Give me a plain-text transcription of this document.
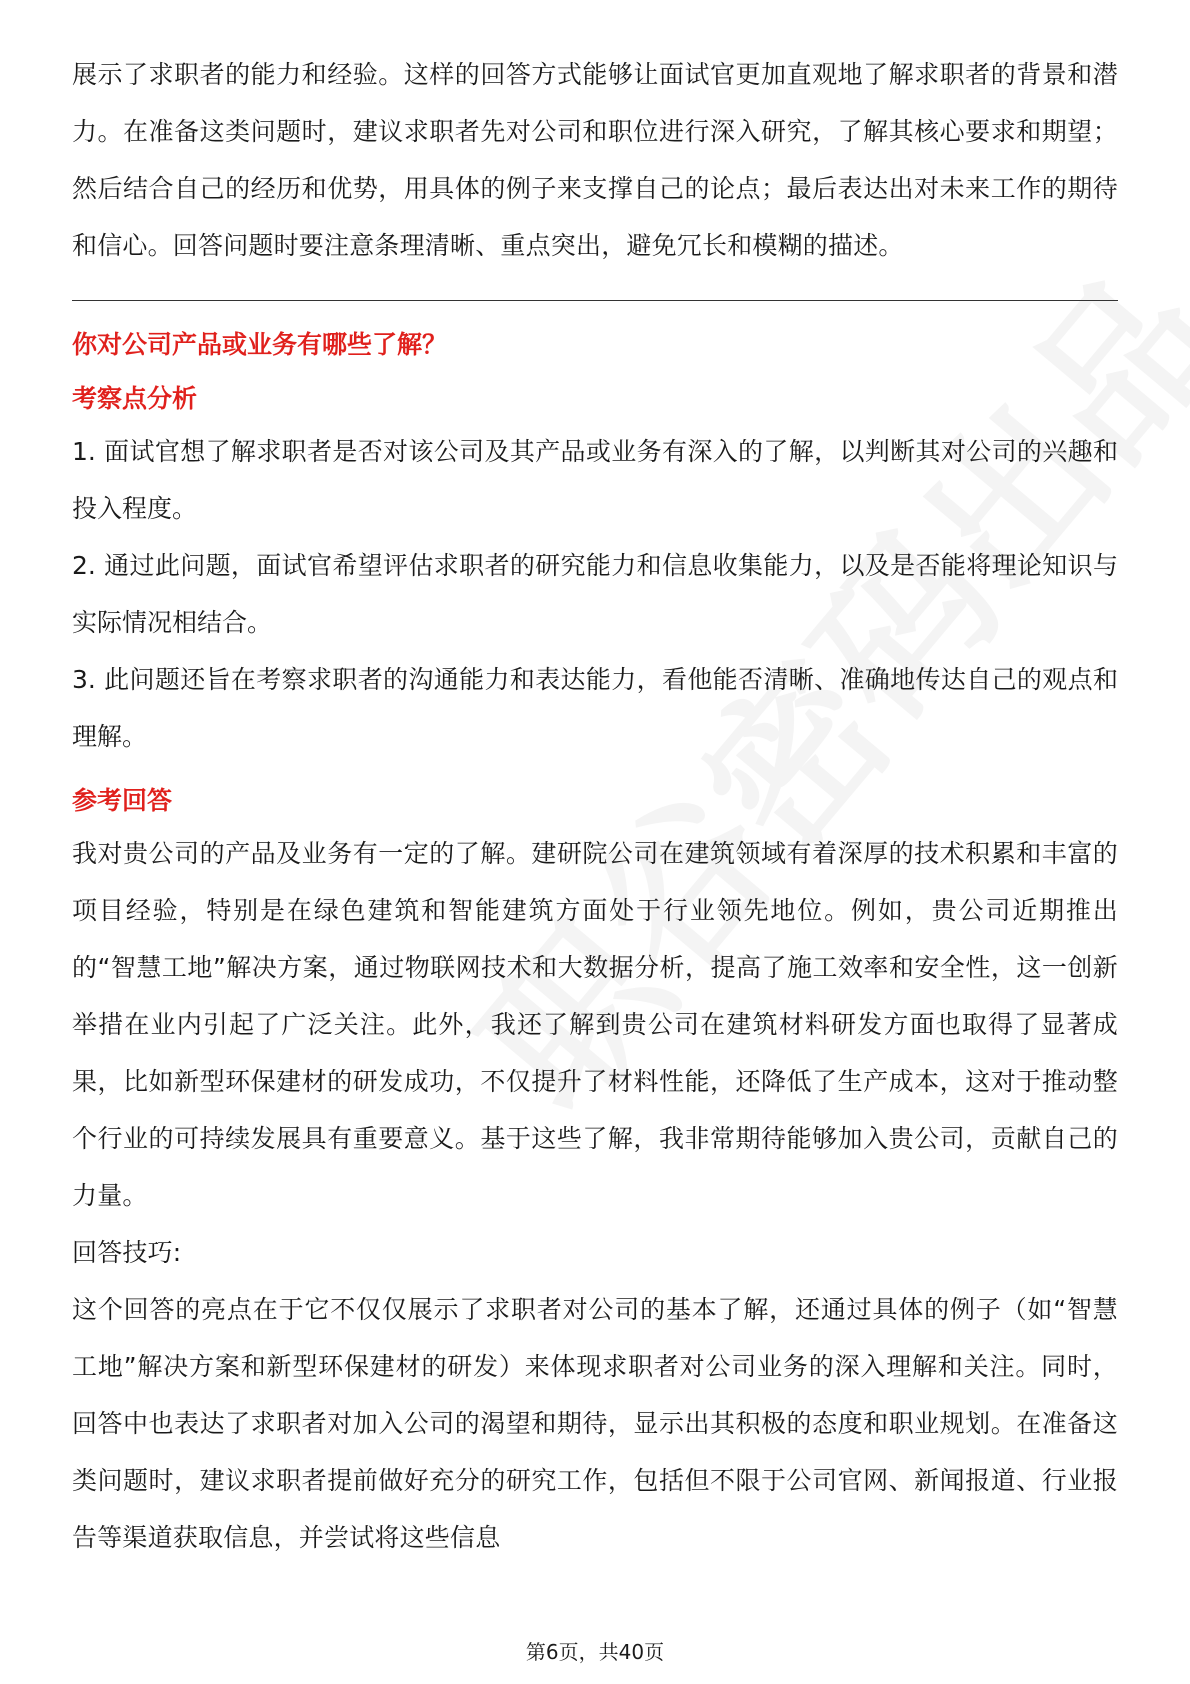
展示了求职者的能力和经验。这样的回答方式能够让面试官更加直观地了解求职者的背景和潜力。在准备这类问题时，建议求职者先对公司和职位进行深入研究，了解其核心要求和期望；然后结合自己的经历和优势，用具体的例子来支撑自己的论点；最后表达出对未来工作的期待和信心。回答问题时要注意条理清晰、重点突出，避免冗长和模糊的描述。

你对公司产品或业务有哪些了解？
考察点分析

1. 面试官想了解求职者是否对该公司及其产品或业务有深入的了解，以判断其对公司的兴趣和投入程度。

2. 通过此问题，面试官希望评估求职者的研究能力和信息收集能力，以及是否能将理论知识与实际情况相结合。

3. 此问题还旨在考察求职者的沟通能力和表达能力，看他能否清晰、准确地传达自己的观点和理解。

参考回答

我对贵公司的产品及业务有一定的了解。建研院公司在建筑领域有着深厚的技术积累和丰富的项目经验，特别是在绿色建筑和智能建筑方面处于行业领先地位。例如，贵公司近期推出的“智慧工地”解决方案，通过物联网技术和大数据分析，提高了施工效率和安全性，这一创新举措在业内引起了广泛关注。此外，我还了解到贵公司在建筑材料研发方面也取得了显著成果，比如新型环保建材的研发成功，不仅提升了材料性能，还降低了生产成本，这对于推动整个行业的可持续发展具有重要意义。基于这些了解，我非常期待能够加入贵公司，贡献自己的力量。

回答技巧:

这个回答的亮点在于它不仅仅展示了求职者对公司的基本了解，还通过具体的例子（如“智慧工地”解决方案和新型环保建材的研发）来体现求职者对公司业务的深入理解和关注。同时，回答中也表达了求职者对加入公司的渴望和期待，显示出其积极的态度和职业规划。在准备这类问题时，建议求职者提前做好充分的研究工作，包括但不限于公司官网、新闻报道、行业报告等渠道获取信息，并尝试将这些信息

第6页，共40页
